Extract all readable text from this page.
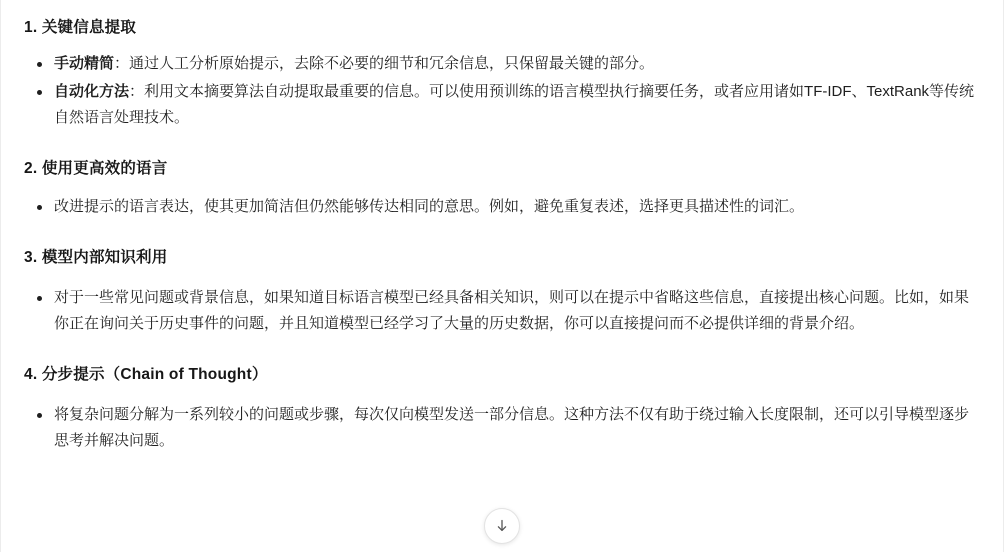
1. 关键信息提取
手动精简：通过人工分析原始提示，去除不必要的细节和冗余信息，只保留最关键的部分。
自动化方法：利用文本摘要算法自动提取最重要的信息。可以使用预训练的语言模型执行摘要任务，或者应用诸如TF-IDF、TextRank等传统自然语言处理技术。
2. 使用更高效的语言
改进提示的语言表达，使其更加简洁但仍然能够传达相同的意思。例如，避免重复表述，选择更具描述性的词汇。
3. 模型内部知识利用
对于一些常见问题或背景信息，如果知道目标语言模型已经具备相关知识，则可以在提示中省略这些信息，直接提出核心问题。比如，如果你正在询问关于历史事件的问题，并且知道模型已经学习了大量的历史数据，你可以直接提问而不必提供详细的背景介绍。
4. 分步提示（Chain of Thought）
将复杂问题分解为一系列较小的问题或步骤，每次仅向模型发送一部分信息。这种方法不仅有助于绕过输入长度限制，还可以引导模型逐步思考并解决问题。
